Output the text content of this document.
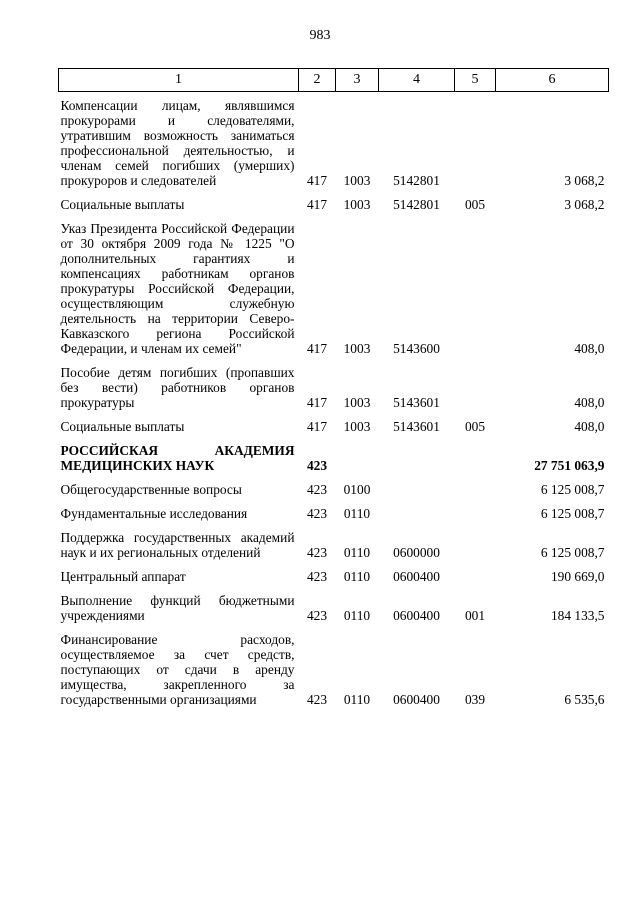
983
1	2	3	4	5	6
Компенсации лицам, являвшимся прокурорами и следователями, утратившим возможность заниматься профессиональной деятельностью, и членам семей погибших (умерших) прокуроров и следователей	417	1003	5142801		3 068,2
Социальные выплаты	417	1003	5142801	005	3 068,2
Указ Президента Российской Федерации от 30 октября 2009 года № 1225 "О дополнительных гарантиях и компенсациях работникам органов прокуратуры Российской Федерации, осуществляющим служебную деятельность на территории Северо-Кавказского региона Российской Федерации, и членам их семей"	417	1003	5143600		408,0
Пособие детям погибших (пропавших без вести) работников органов прокуратуры	417	1003	5143601		408,0
Социальные выплаты	417	1003	5143601	005	408,0
РОССИЙСКАЯ АКАДЕМИЯ МЕДИЦИНСКИХ НАУК	423				27 751 063,9
Общегосударственные вопросы	423	0100			6 125 008,7
Фундаментальные исследования	423	0110			6 125 008,7
Поддержка государственных академий наук и их региональных отделений	423	0110	0600000		6 125 008,7
Центральный аппарат	423	0110	0600400		190 669,0
Выполнение функций бюджетными учреждениями	423	0110	0600400	001	184 133,5
Финансирование расходов, осуществляемое за счет средств, поступающих от сдачи в аренду имущества, закрепленного за государственными организациями	423	0110	0600400	039	6 535,6
